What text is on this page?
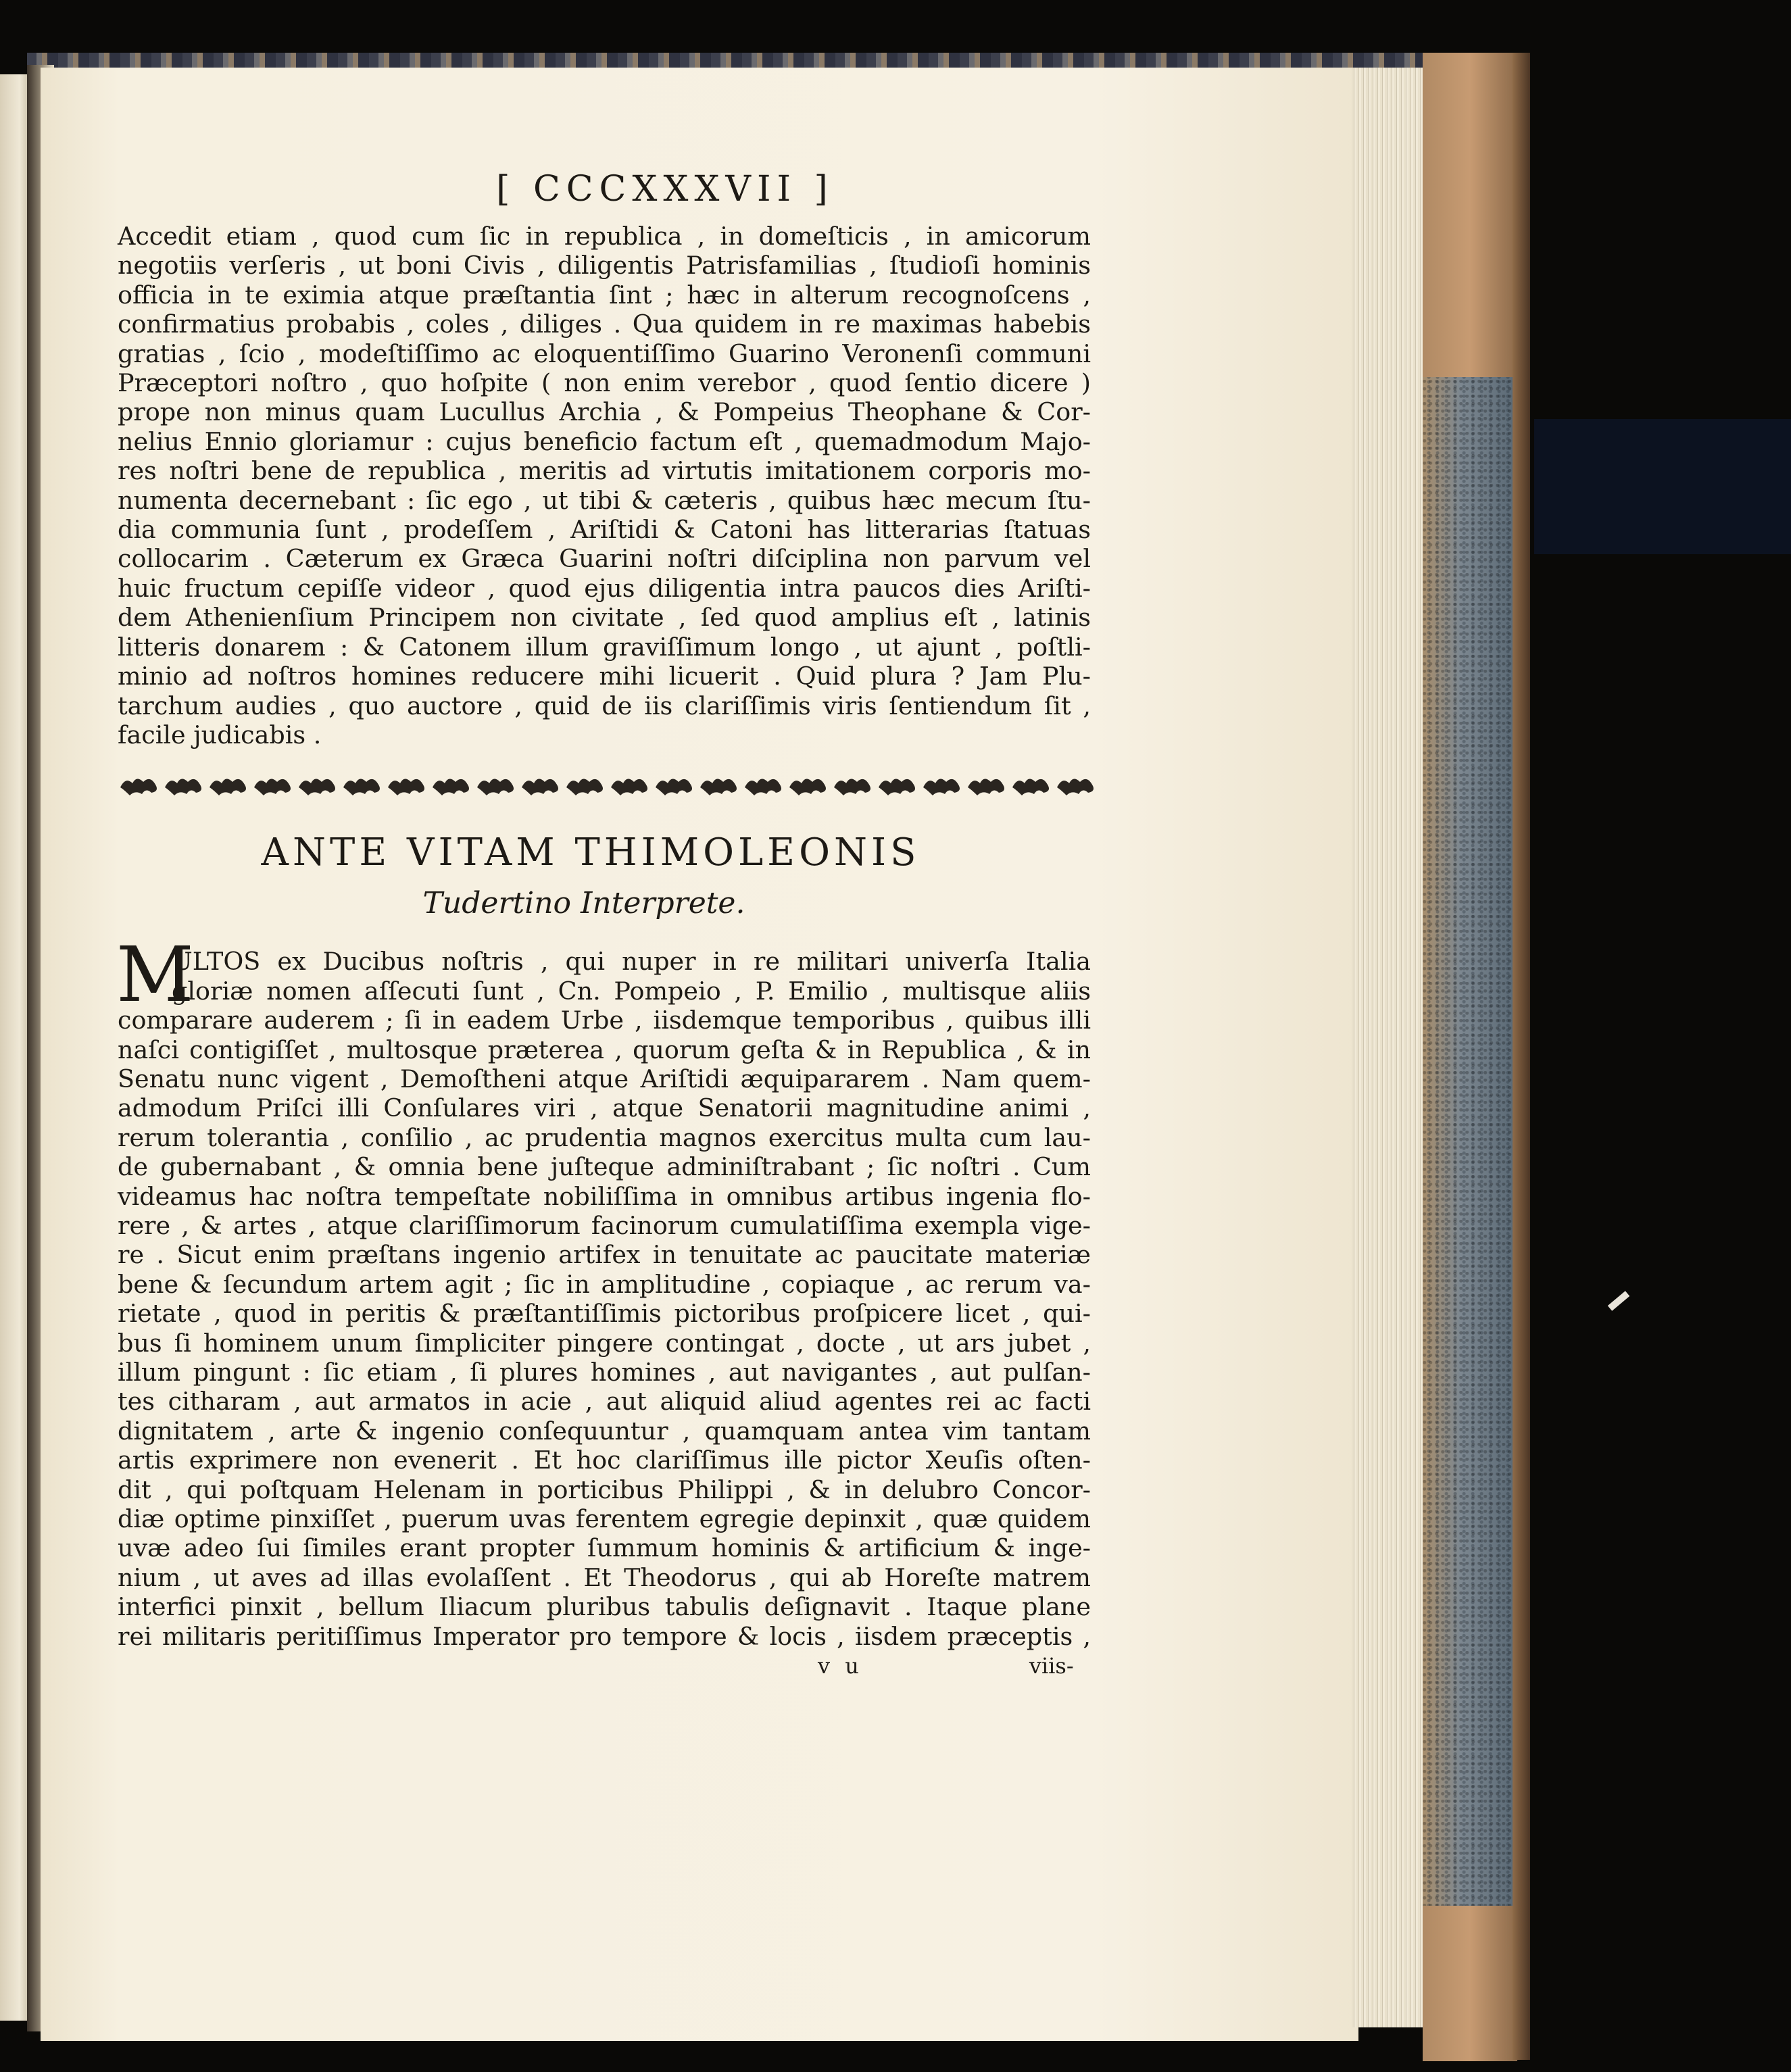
[ CCCXXXVII ]
Accedit etiam , quod cum ſic in republica , in domeſticis , in amicorum
negotiis verſeris , ut boni Civis , diligentis Patrisfamilias , ſtudioſi hominis
officia in te eximia atque præſtantia ſint ; hæc in alterum recognoſcens ,
confirmatius probabis , coles , diliges . Qua quidem in re maximas habebis
gratias , ſcio , modeſtiſſimo ac eloquentiſſimo Guarino Veronenſi communi
Præceptori noſtro , quo hoſpite ( non enim verebor , quod ſentio dicere )
prope non minus quam Lucullus Archia , & Pompeius Theophane & Cor-
nelius Ennio gloriamur : cujus beneficio factum eſt , quemadmodum Majo-
res noſtri bene de republica , meritis ad virtutis imitationem corporis mo-
numenta decernebant : ſic ego , ut tibi & cæteris , quibus hæc mecum ſtu-
dia communia ſunt , prodeſſem , Ariſtidi & Catoni has litterarias ſtatuas
collocarim . Cæterum ex Græca Guarini noſtri diſciplina non parvum vel
huic fructum cepiſſe videor , quod ejus diligentia intra paucos dies Ariſti-
dem Athenienſium Principem non civitate , ſed quod amplius eſt , latinis
litteris donarem : & Catonem illum graviſſimum longo , ut ajunt , poſtli-
minio ad noſtros homines reducere mihi licuerit . Quid plura ? Jam Plu-
tarchum audies , quo auctore , quid de iis clariſſimis viris ſentiendum ſit ,
facile judicabis .
ANTE VITAM THIMOLEONIS
Tudertino Interprete.
M
ULTOS ex Ducibus noſtris , qui nuper in re militari univerſa Italia
gloriæ nomen aſſecuti ſunt , Cn. Pompeio , P. Emilio , multisque aliis
comparare auderem ; ſi in eadem Urbe , iisdemque temporibus , quibus illi
naſci contigiſſet , multosque præterea , quorum geſta & in Republica , & in
Senatu nunc vigent , Demoſtheni atque Ariſtidi æquipararem . Nam quem-
admodum Priſci illi Conſulares viri , atque Senatorii magnitudine animi ,
rerum tolerantia , conſilio , ac prudentia magnos exercitus multa cum lau-
de gubernabant , & omnia bene juſteque adminiſtrabant ; ſic noſtri . Cum
videamus hac noſtra tempeſtate nobiliſſima in omnibus artibus ingenia flo-
rere , & artes , atque clariſſimorum facinorum cumulatiſſima exempla vige-
re . Sicut enim præſtans ingenio artifex in tenuitate ac paucitate materiæ
bene & ſecundum artem agit ; ſic in amplitudine , copiaque , ac rerum va-
rietate , quod in peritis & præſtantiſſimis pictoribus proſpicere licet , qui-
bus ſi hominem unum ſimpliciter pingere contingat , docte , ut ars jubet ,
illum pingunt : ſic etiam , ſi plures homines , aut navigantes , aut pulſan-
tes citharam , aut armatos in acie , aut aliquid aliud agentes rei ac facti
dignitatem , arte & ingenio conſequuntur , quamquam antea vim tantam
artis exprimere non evenerit . Et hoc clariſſimus ille pictor Xeuſis oſten-
dit , qui poſtquam Helenam in porticibus Philippi , & in delubro Concor-
diæ optime pinxiſſet , puerum uvas ferentem egregie depinxit , quæ quidem
uvæ adeo ſui ſimiles erant propter ſummum hominis & artificium & inge-
nium , ut aves ad illas evolaſſent . Et Theodorus , qui ab Horeſte matrem
interfici pinxit , bellum Iliacum pluribus tabulis deſignavit . Itaque plane
rei militaris peritiſſimus Imperator pro tempore & locis , iisdem præceptis ,
v u	viis-
